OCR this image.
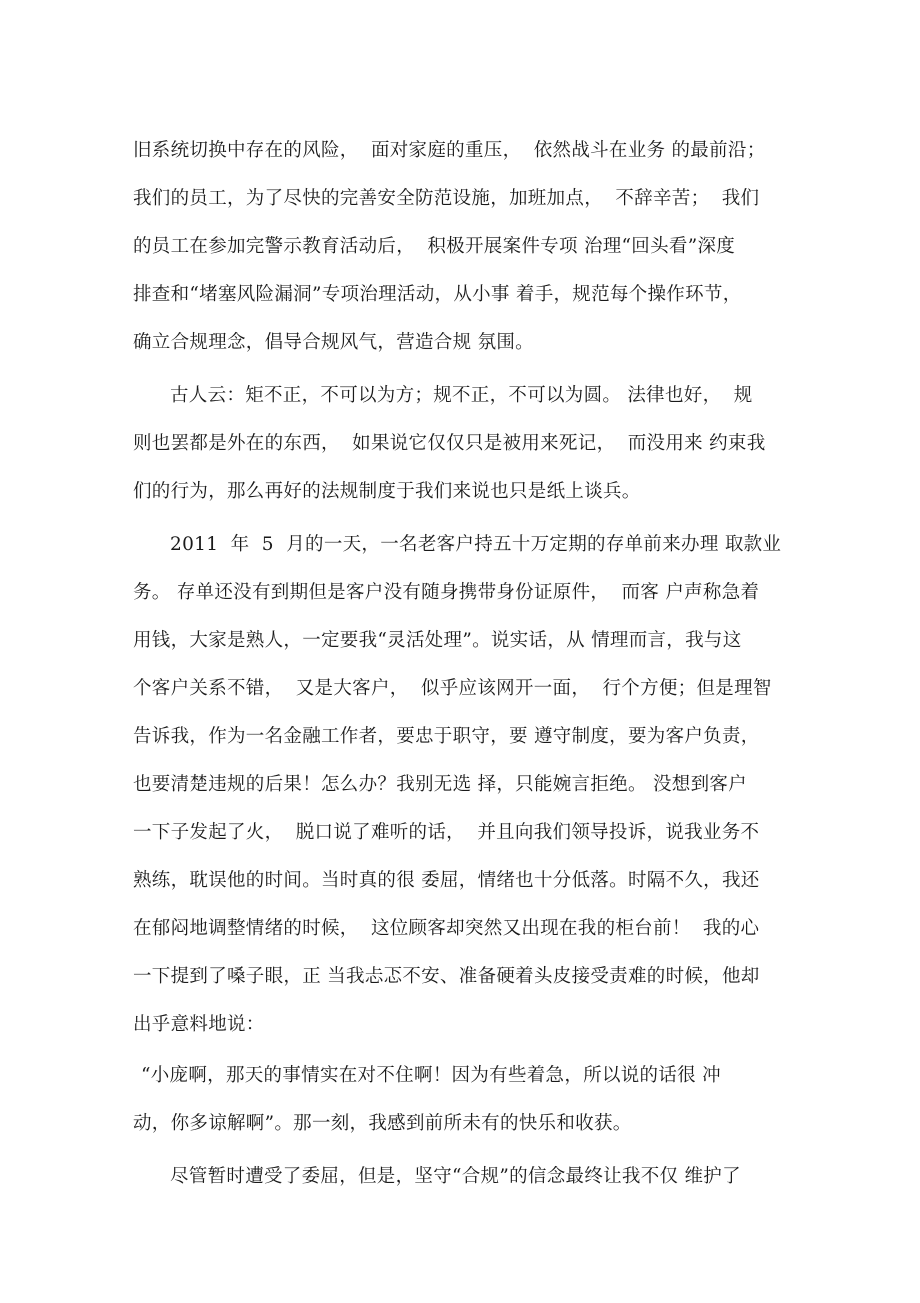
旧系统切换中存在的风险，  面对家庭的重压，  依然战斗在业务 的最前沿；
我们的员工，为了尽快的完善安全防范设施，加班加点，  不辞辛苦；  我们
的员工在参加完警示教育活动后，  积极开展案件专项 治理“回头看”深度
排查和“堵塞风险漏洞”专项治理活动，从小事 着手，规范每个操作环节，
确立合规理念，倡导合规风气，营造合规 氛围。
古人云：矩不正，不可以为方；规不正，不可以为圆。 法律也好，  规
则也罢都是外在的东西，  如果说它仅仅只是被用来死记，  而没用来 约束我
们的行为，那么再好的法规制度于我们来说也只是纸上谈兵。
2011  年  5  月的一天，一名老客户持五十万定期的存单前来办理 取款业
务。 存单还没有到期但是客户没有随身携带身份证原件，  而客 户声称急着
用钱，大家是熟人，一定要我“灵活处理”。说实话，从 情理而言，我与这
个客户关系不错，  又是大客户，  似乎应该网开一面，  行个方便；但是理智
告诉我，作为一名金融工作者，要忠于职守，要 遵守制度，要为客户负责，
也要清楚违规的后果！怎么办？我别无选 择，只能婉言拒绝。 没想到客户
一下子发起了火，  脱口说了难听的话，  并且向我们领导投诉，说我业务不
熟练，耽误他的时间。当时真的很 委屈，情绪也十分低落。时隔不久，我还
在郁闷地调整情绪的时候，  这位顾客却突然又出现在我的柜台前！  我的心
一下提到了嗓子眼，正 当我忐忑不安、准备硬着头皮接受责难的时候，他却
出乎意料地说：
“小庞啊，那天的事情实在对不住啊！因为有些着急，所以说的话很 冲
动，你多谅解啊”。那一刻，我感到前所未有的快乐和收获。
尽管暂时遭受了委屈，但是，坚守“合规”的信念最终让我不仅 维护了
